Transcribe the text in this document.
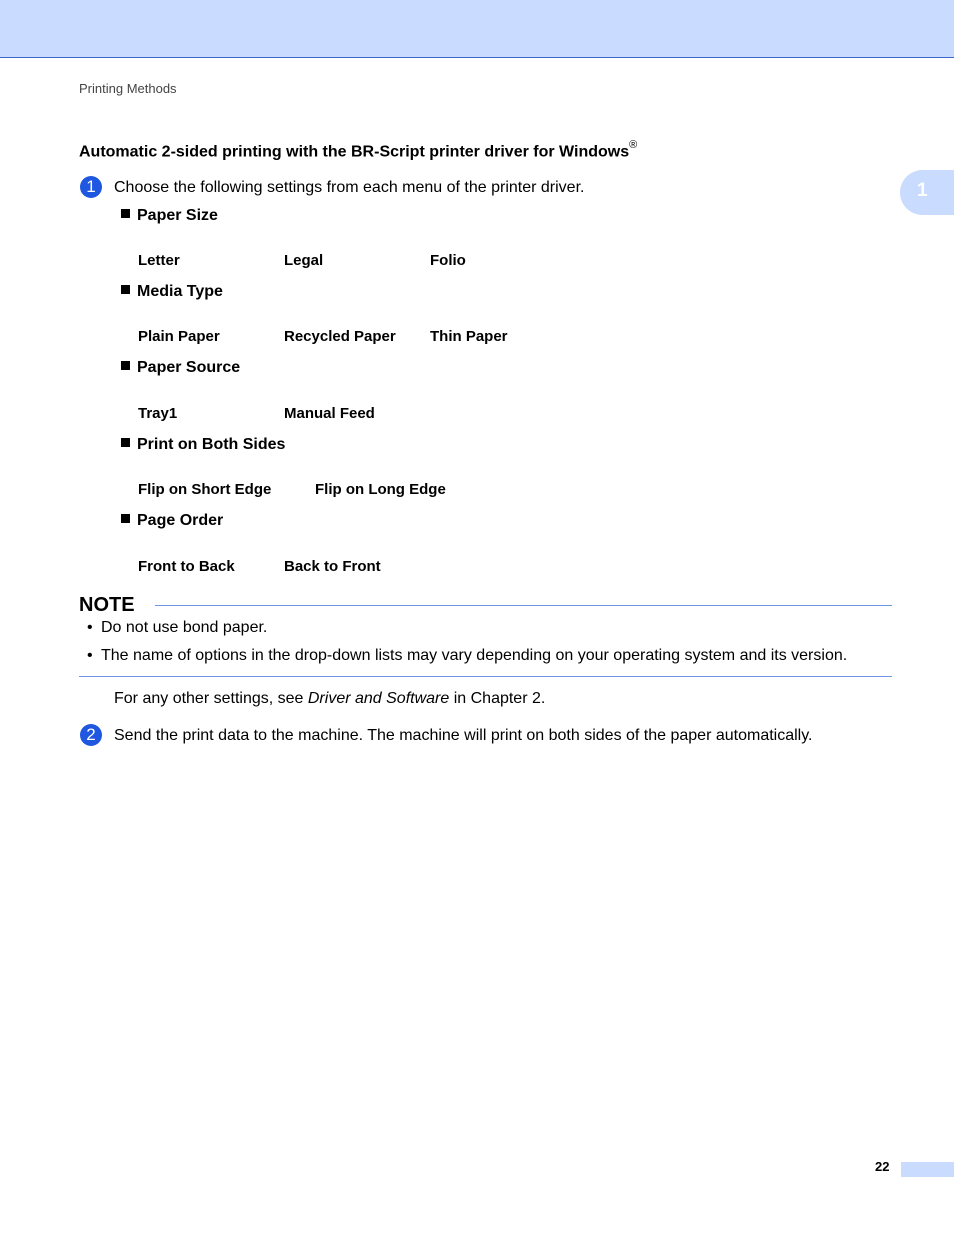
Printing Methods
1
Automatic 2-sided printing with the BR-Script printer driver for Windows®
1	Choose the following settings from each menu of the printer driver.
Paper Size
Letter	Legal	Folio
Media Type
Plain Paper	Recycled Paper Thin Paper
Paper Source
Tray1	Manual Feed
Print on Both Sides
Flip on Short Edge	Flip on Long Edge
Page Order
Front to Back	Back to Front
NOTE
• Do not use bond paper.
• The name of options in the drop-down lists may vary depending on your operating system and its version.
For any other settings, see Driver and Software in Chapter 2.
2	Send the print data to the machine. The machine will print on both sides of the paper automatically.
22
